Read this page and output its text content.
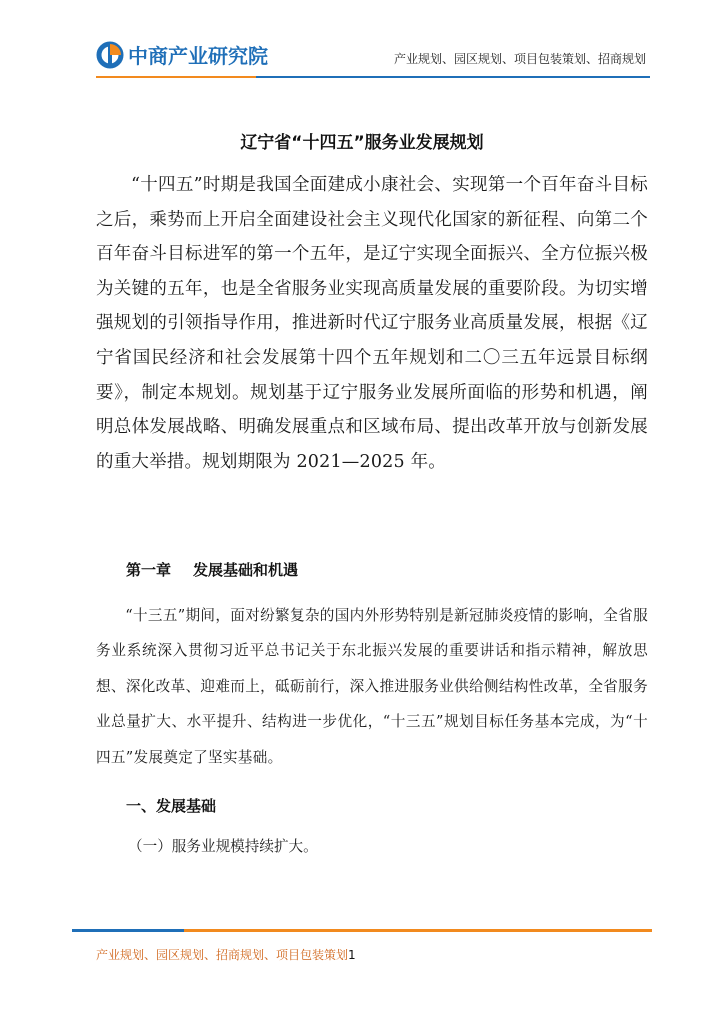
中商产业研究院	产业规划、园区规划、项目包装策划、招商规划
辽宁省“十四五”服务业发展规划

“十四五”时期是我国全面建成小康社会、实现第一个百年奋斗目标之后，乘势而上开启全面建设社会主义现代化国家的新征程、向第二个百年奋斗目标进军的第一个五年，是辽宁实现全面振兴、全方位振兴极为关键的五年，也是全省服务业实现高质量发展的重要阶段。为切实增强规划的引领指导作用，推进新时代辽宁服务业高质量发展，根据《辽宁省国民经济和社会发展第十四个五年规划和二〇三五年远景目标纲要》，制定本规划。规划基于辽宁服务业发展所面临的形势和机遇，阐明总体发展战略、明确发展重点和区域布局、提出改革开放与创新发展的重大举措。规划期限为 2021—2025 年。

第一章 发展基础和机遇

“十三五”期间，面对纷繁复杂的国内外形势特别是新冠肺炎疫情的影响，全省服务业系统深入贯彻习近平总书记关于东北振兴发展的重要讲话和指示精神，解放思想、深化改革、迎难而上，砥砺前行，深入推进服务业供给侧结构性改革，全省服务业总量扩大、水平提升、结构进一步优化，“十三五”规划目标任务基本完成，为“十四五”发展奠定了坚实基础。

一、发展基础
（一）服务业规模持续扩大。
产业规划、园区规划、招商规划、项目包装策划1
